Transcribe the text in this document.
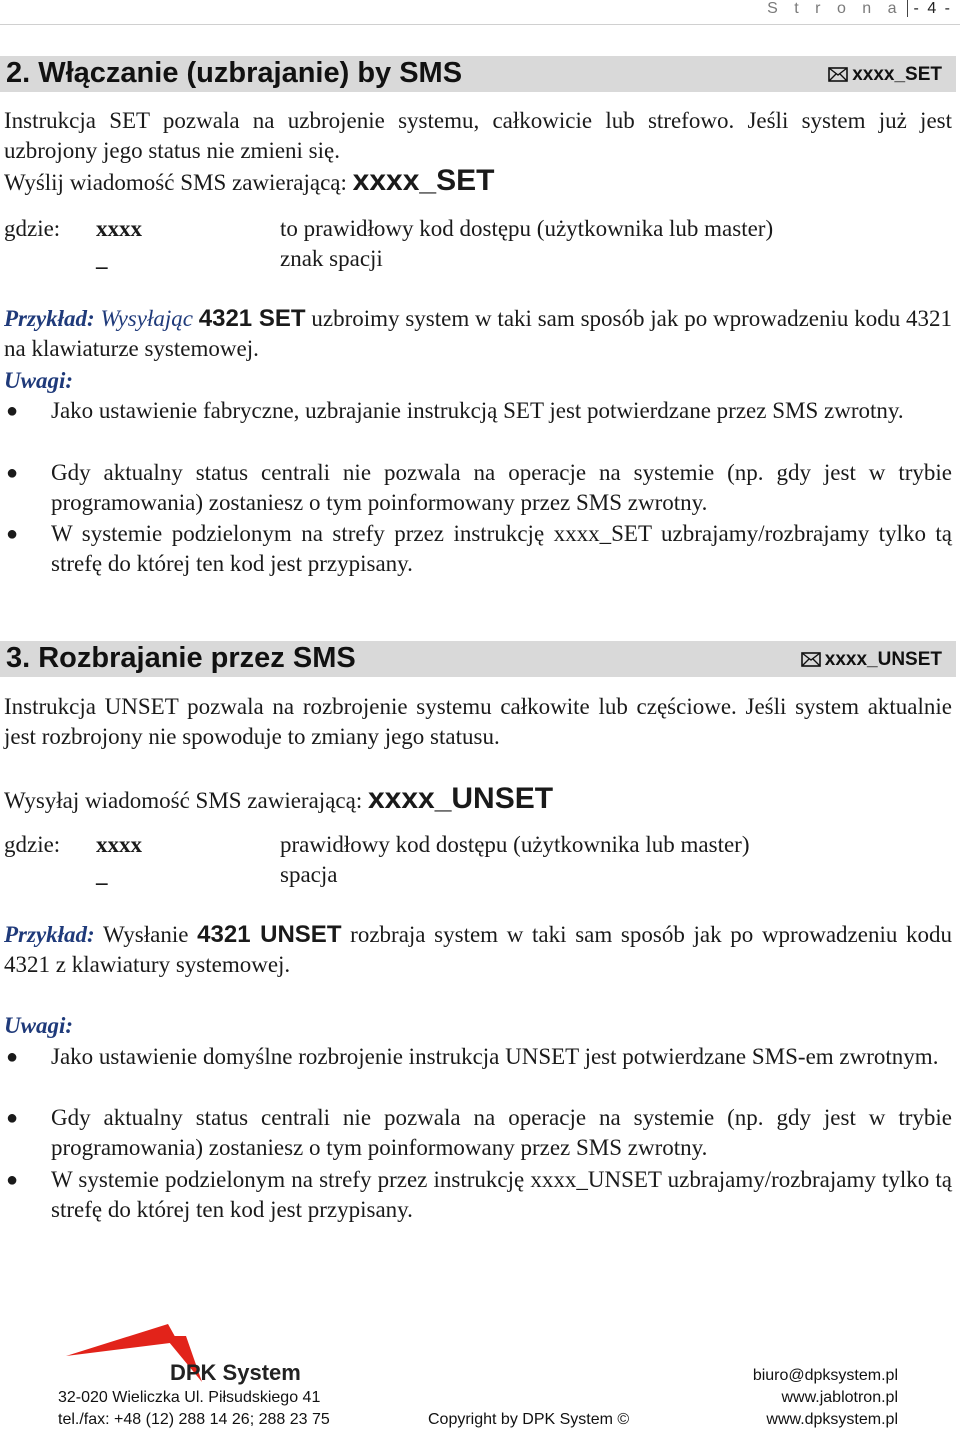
S t r o n a - 4 -
2. Włączanie (uzbrajanie) by SMS	xxxx_SET

Instrukcja SET pozwala na uzbrojenie systemu, całkowicie lub strefowo. Jeśli system już jest uzbrojony jego status nie zmieni się.

Wyślij wiadomość SMS zawierającą: xxxx_SET
gdzie: xxxx	to prawidłowy kod dostępu (użytkownika lub master)
_	znak spacji

Przykład: Wysyłając 4321 SET uzbroimy system w taki sam sposób jak po wprowadzeniu kodu 4321 na klawiaturze systemowej.

Uwagi:
● Jako ustawienie fabryczne, uzbrajanie instrukcją SET jest potwierdzane przez SMS zwrotny.

● Gdy aktualny status centrali nie pozwala na operacje na systemie (np. gdy jest w trybie programowania) zostaniesz o tym poinformowany przez SMS zwrotny.

● W systemie podzielonym na strefy przez instrukcję xxxx_SET uzbrajamy/rozbrajamy tylko tą strefę do której ten kod jest przypisany.

3. Rozbrajanie przez SMS	xxxx_UNSET

Instrukcja UNSET pozwala na rozbrojenie systemu całkowite lub częściowe. Jeśli system aktualnie jest rozbrojony nie spowoduje to zmiany jego statusu.

Wysyłaj wiadomość SMS zawierającą: xxxx_UNSET
gdzie: xxxx	prawidłowy kod dostępu (użytkownika lub master)
_	spacja

Przykład: Wysłanie 4321 UNSET rozbraja system w taki sam sposób jak po wprowadzeniu kodu 4321 z klawiatury systemowej.

Uwagi:
● Jako ustawienie domyślne rozbrojenie instrukcja UNSET jest potwierdzane SMS-em zwrotnym.

● Gdy aktualny status centrali nie pozwala na operacje na systemie (np. gdy jest w trybie programowania) zostaniesz o tym poinformowany przez SMS zwrotny.

● W systemie podzielonym na strefy przez instrukcję xxxx_UNSET uzbrajamy/rozbrajamy tylko tą strefę do której ten kod jest przypisany.

DPK System
32-020 Wieliczka Ul. Piłsudskiego 41
tel./fax: +48 (12) 288 14 26; 288 23 75	Copyright by DPK System ©
biuro@dpksystem.pl
www.jablotron.pl
www.dpksystem.pl
